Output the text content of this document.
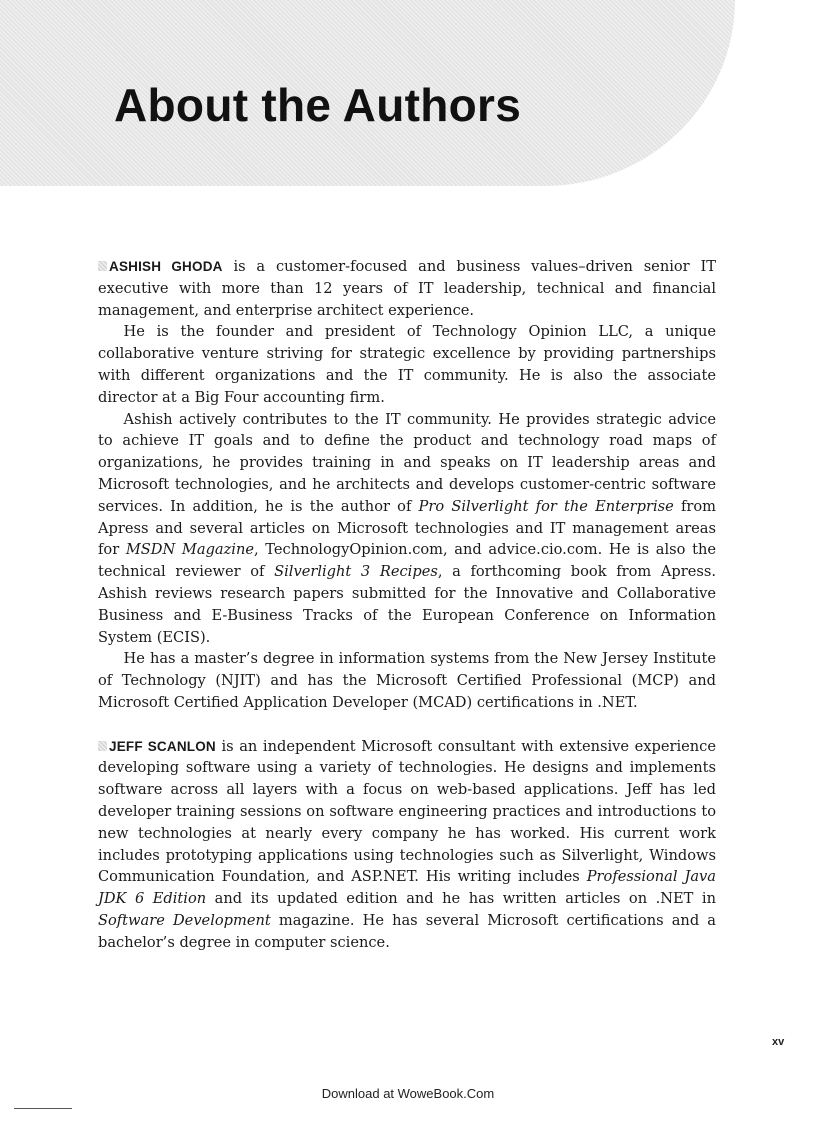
About the Authors

ASHISH GHODA is a customer-focused and business values–driven senior IT executive with more than 12 years of IT leadership, technical and financial management, and enterprise architect experience.

He is the founder and president of Technology Opinion LLC, a unique collaborative venture striving for strategic excellence by providing partnerships with different organizations and the IT community. He is also the associate director at a Big Four accounting firm.

Ashish actively contributes to the IT community. He provides strategic advice to achieve IT goals and to define the product and technology road maps of organizations, he provides training in and speaks on IT leadership areas and Microsoft technologies, and he architects and develops customer-centric software services. In addition, he is the author of Pro Silverlight for the Enterprise from Apress and several articles on Microsoft technologies and IT management areas for MSDN Magazine, TechnologyOpinion.com, and advice.cio.com. He is also the technical reviewer of Silverlight 3 Recipes, a forthcoming book from Apress. Ashish reviews research papers submitted for the Innovative and Collaborative Business and E-Business Tracks of the European Conference on Information System (ECIS).

He has a master’s degree in information systems from the New Jersey Institute of Technology (NJIT) and has the Microsoft Certified Professional (MCP) and Microsoft Certified Application Developer (MCAD) certifications in .NET.

JEFF SCANLON is an independent Microsoft consultant with extensive experience developing software using a variety of technologies. He designs and implements software across all layers with a focus on web-based applications. Jeff has led developer training sessions on software engineering practices and introductions to new technologies at nearly every company he has worked. His current work includes prototyping applications using technologies such as Silverlight, Windows Communication Foundation, and ASP.NET. His writing includes Professional Java JDK 6 Edition and its updated edition and he has written articles on .NET in Software Development magazine. He has several Microsoft certifications and a bachelor’s degree in computer science.

xv
Download at WoweBook.Com
